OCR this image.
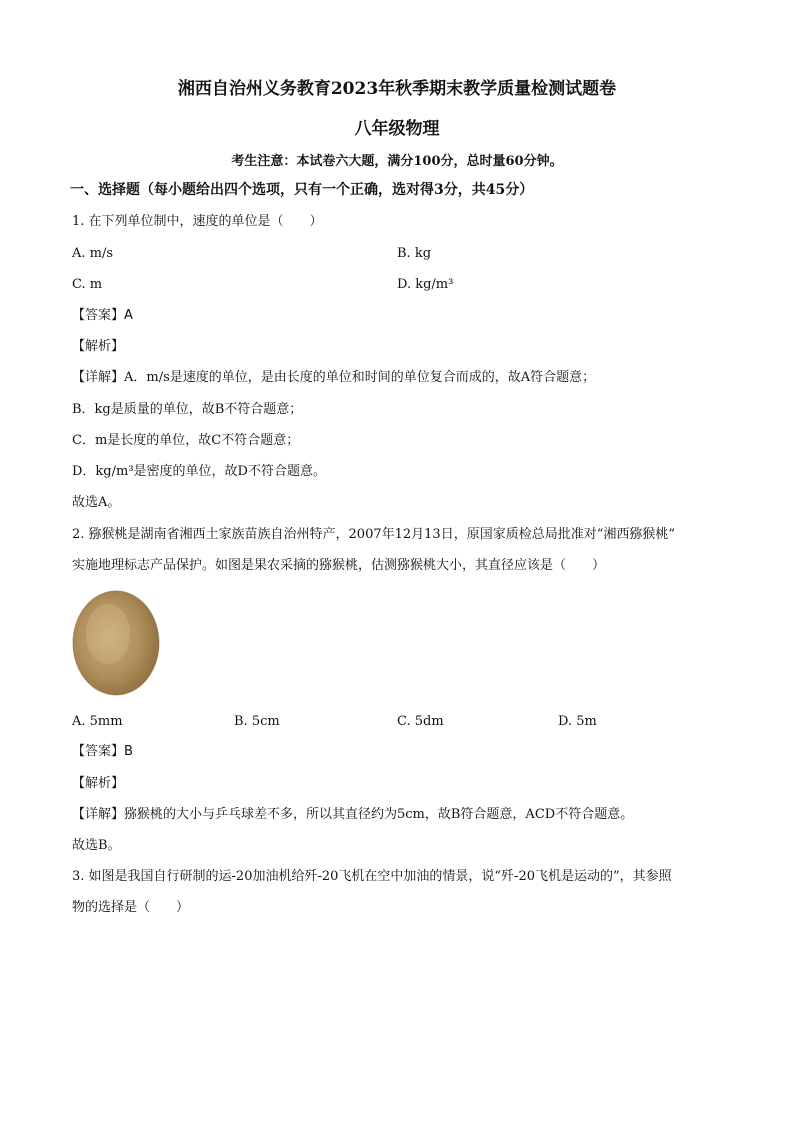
湘西自治州义务教育2023年秋季期末教学质量检测试题卷
八年级物理
考生注意：本试卷六大题，满分100分，总时量60分钟。
一、选择题（每小题给出四个选项，只有一个正确，选对得3分，共45分）
1. 在下列单位制中，速度的单位是（　　）
A. m/s	B. kg
C. m	D. kg/m³
【答案】A
【解析】
【详解】A．m/s是速度的单位，是由长度的单位和时间的单位复合而成的，故A符合题意；
B．kg是质量的单位，故B不符合题意；
C．m是长度的单位，故C不符合题意；
D．kg/m³是密度的单位，故D不符合题意。
故选A。
2. 猕猴桃是湖南省湘西土家族苗族自治州特产，2007年12月13日，原国家质检总局批准对“湘西猕猴桃”
实施地理标志产品保护。如图是果农采摘的猕猴桃，估测猕猴桃大小，其直径应该是（　　）
A. 5mm	B. 5cm	C. 5dm	D. 5m
【答案】B
【解析】
【详解】猕猴桃的大小与乒乓球差不多，所以其直径约为5cm，故B符合题意，ACD不符合题意。
故选B。
3. 如图是我国自行研制的运-20加油机给歼-20飞机在空中加油的情景，说“歼-20飞机是运动的”，其参照
物的选择是（　　）
